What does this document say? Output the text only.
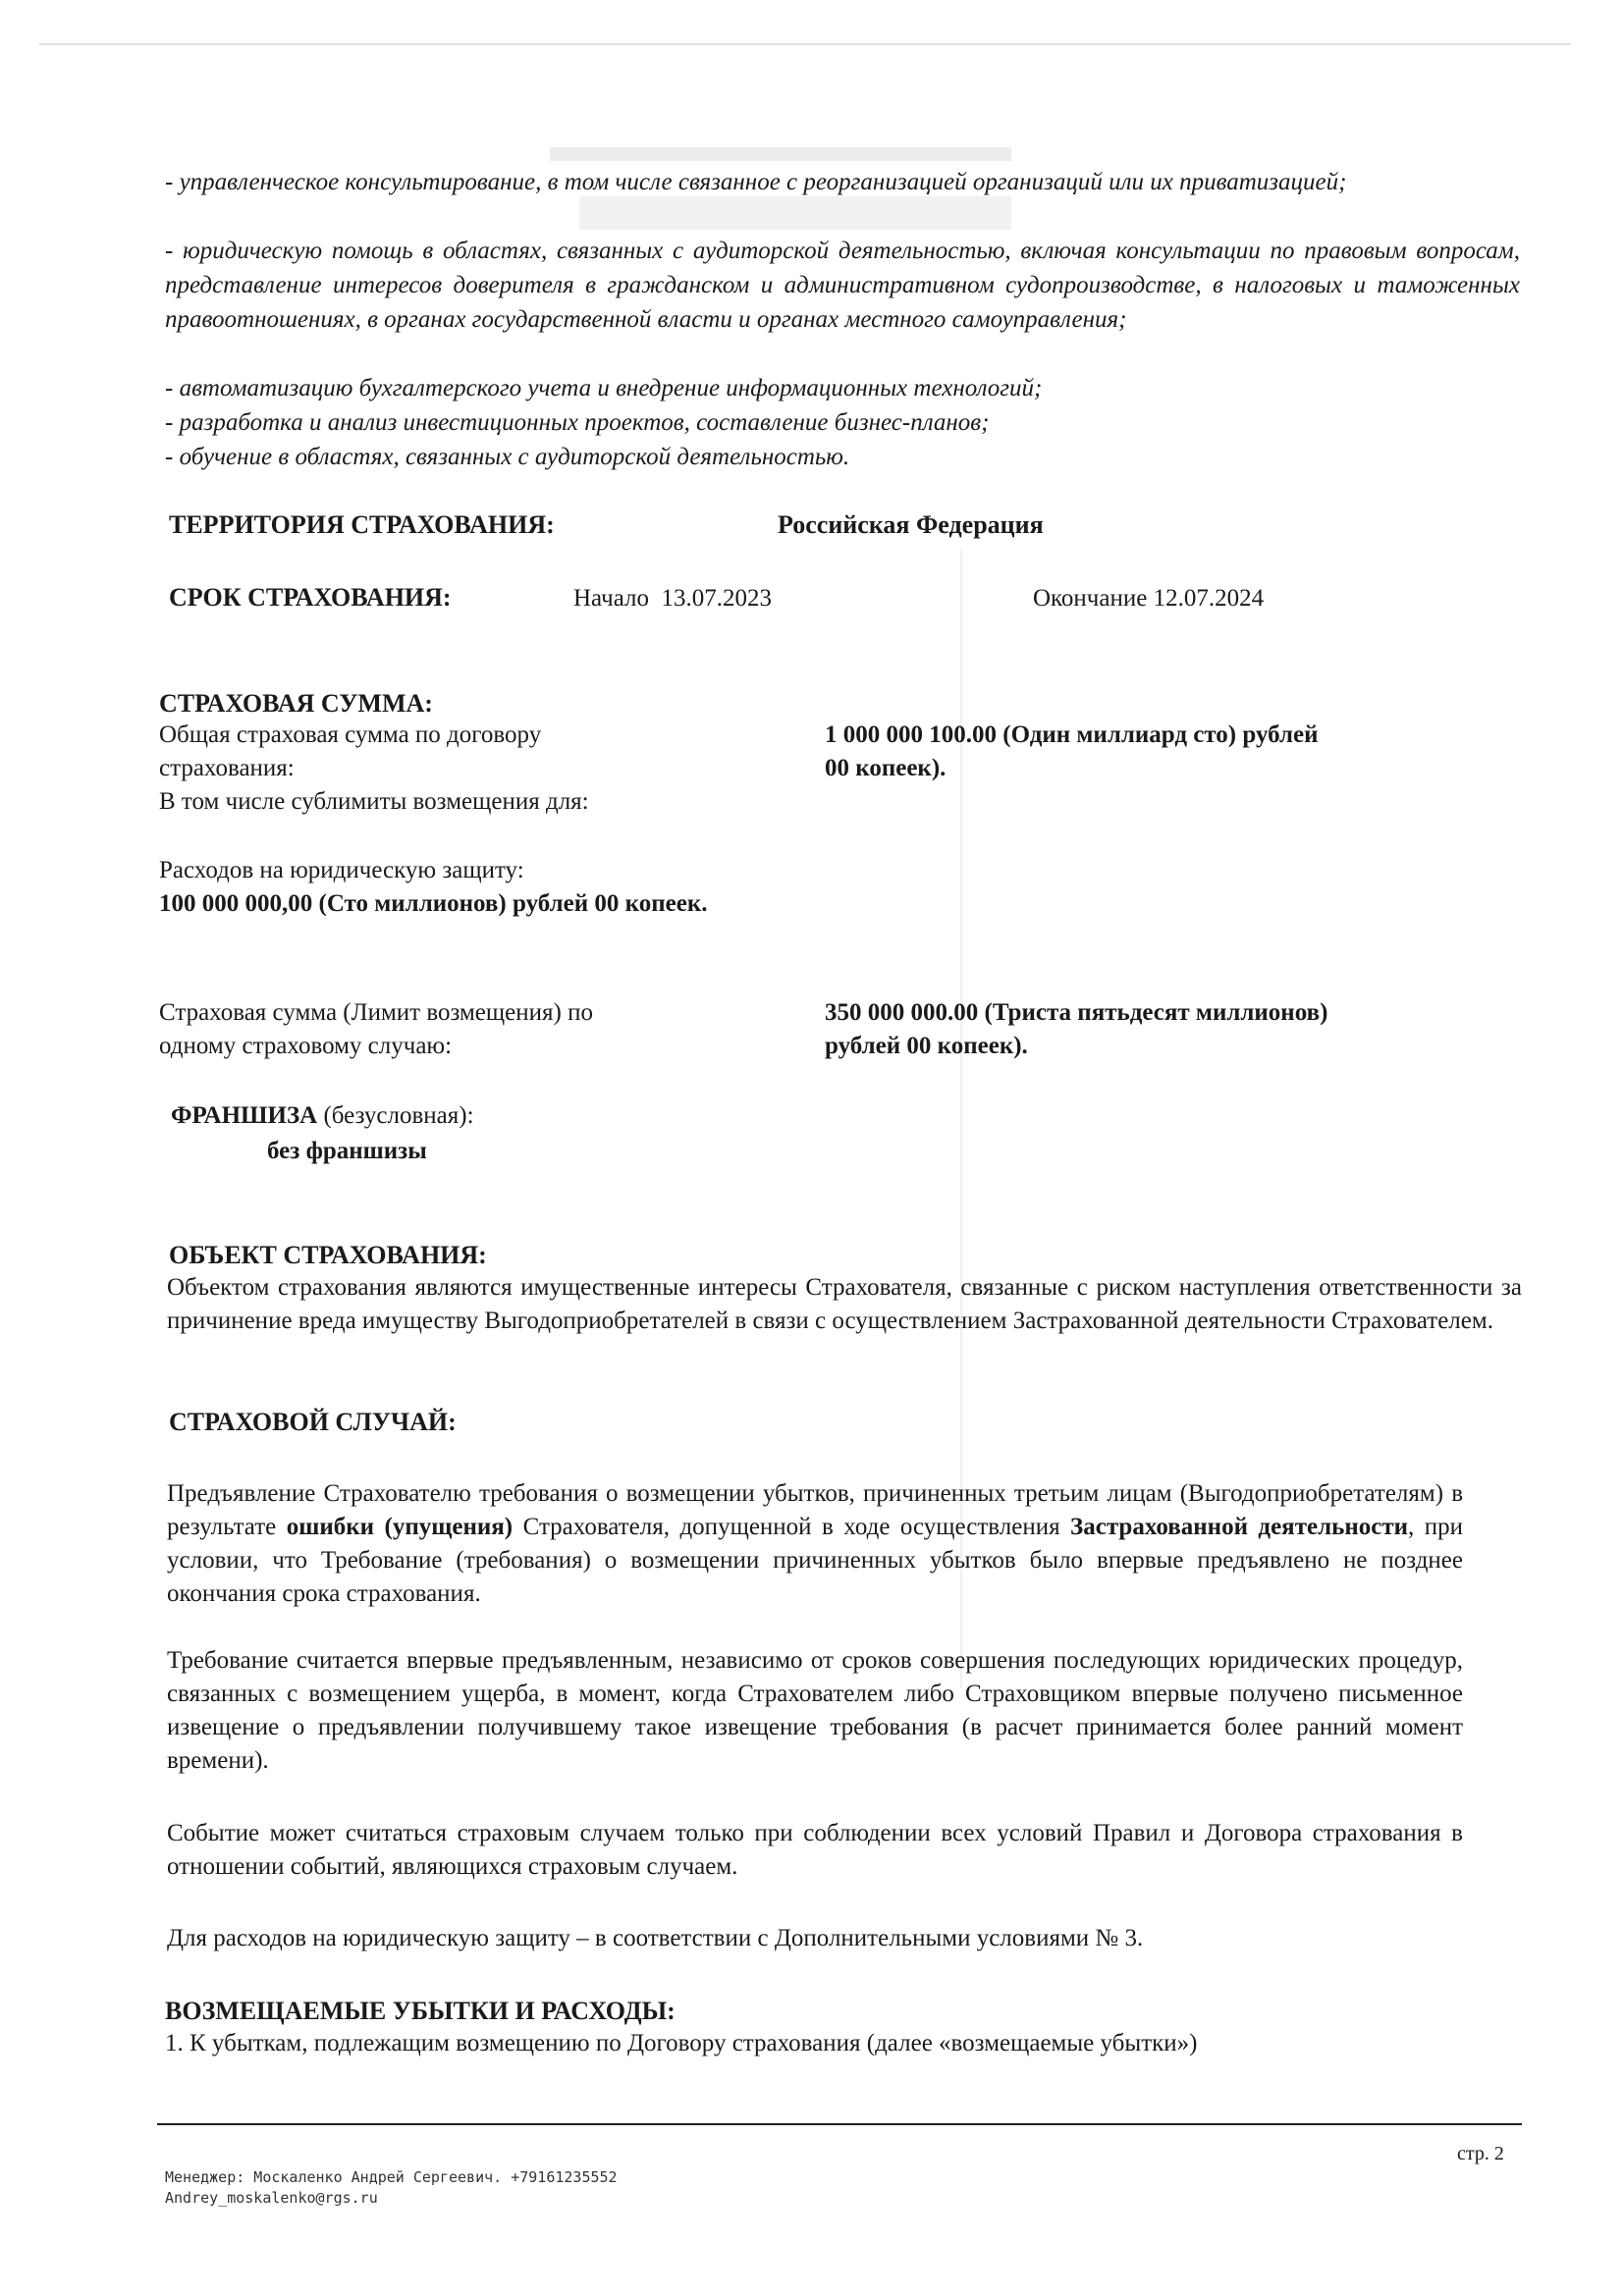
- управленческое консультирование, в том числе связанное с реорганизацией организаций или их приватизацией;
- юридическую помощь в областях, связанных с аудиторской деятельностью, включая консультации по правовым вопросам, представление интересов доверителя в гражданском и административном судопроизводстве, в налоговых и таможенных правоотношениях, в органах государственной власти и органах местного самоуправления;
- автоматизацию бухгалтерского учета и внедрение информационных технологий;
- разработка и анализ инвестиционных проектов, составление бизнес-планов;
- обучение в областях, связанных с аудиторской деятельностью.
ТЕРРИТОРИЯ СТРАХОВАНИЯ:	Российская Федерация
СРОК СТРАХОВАНИЯ:	Начало 13.07.2023	Окончание 12.07.2024
СТРАХОВАЯ СУММА:
Общая страховая сумма по договору
страхования:
1 000 000 100.00 (Один миллиард сто) рублей
00 копеек).
В том числе сублимиты возмещения для:
Расходов на юридическую защиту:
100 000 000,00 (Сто миллионов) рублей 00 копеек.
Страховая сумма (Лимит возмещения) по
одному страховому случаю:
350 000 000.00 (Триста пятьдесят миллионов)
рублей 00 копеек).
ФРАНШИЗА (безусловная):
без франшизы
ОБЪЕКТ СТРАХОВАНИЯ:
Объектом страхования являются имущественные интересы Страхователя, связанные с риском наступления ответственности за причинение вреда имуществу Выгодоприобретателей в связи с осуществлением Застрахованной деятельности Страхователем.
СТРАХОВОЙ СЛУЧАЙ:
Предъявление Страхователю требования о возмещении убытков, причиненных третьим лицам (Выгодоприобретателям) в результате ошибки (упущения) Страхователя, допущенной в ходе осуществления Застрахованной деятельности, при условии, что Требование (требования) о возмещении причиненных убытков было впервые предъявлено не позднее окончания срока страхования.
Требование считается впервые предъявленным, независимо от сроков совершения последующих юридических процедур, связанных с возмещением ущерба, в момент, когда Страхователем либо Страховщиком впервые получено письменное извещение о предъявлении получившему такое извещение требования (в расчет принимается более ранний момент времени).
Событие может считаться страховым случаем только при соблюдении всех условий Правил и Договора страхования в отношении событий, являющихся страховым случаем.
Для расходов на юридическую защиту – в соответствии с Дополнительными условиями № 3.
ВОЗМЕЩАЕМЫЕ УБЫТКИ И РАСХОДЫ:
1. К убыткам, подлежащим возмещению по Договору страхования (далее «возмещаемые убытки»)
стр. 2
Менеджер: Москаленко Андрей Сергеевич. +79161235552
Andrey_moskalenko@rgs.ru
